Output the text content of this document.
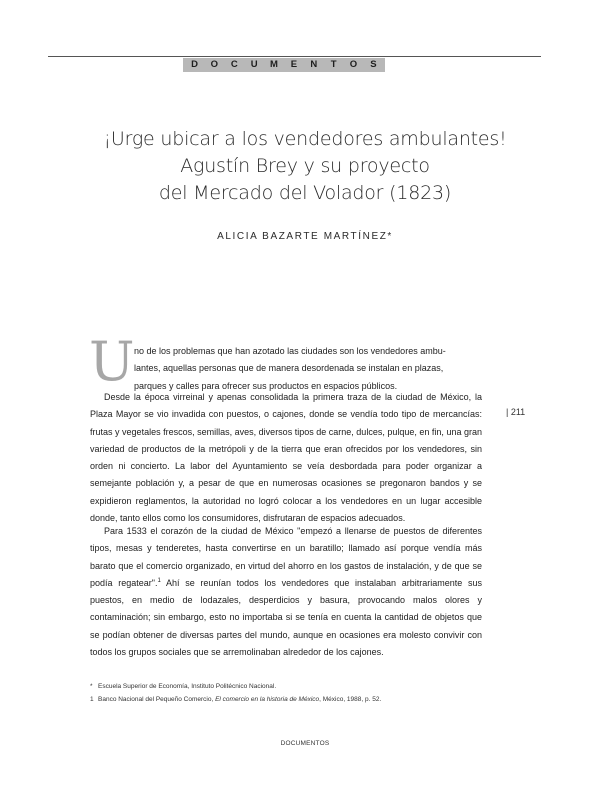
D	O	C	U	M	E	N	T	O	S
¡Urge ubicar a los vendedores ambulantes!
Agustín Brey y su proyecto
del Mercado del Volador (1823)
ALICIA BAZARTE MARTÍNEZ*
U no de los problemas que han azotado las ciudades son los vendedores ambu-
lantes, aquellas personas que de manera desordenada se instalan en plazas,
parques y calles para ofrecer sus productos en espacios públicos.
Desde la época virreinal y apenas consolidada la primera traza de la ciudad de México, la Plaza Mayor se vio invadida con puestos, o cajones, donde se vendía todo tipo de mercancías: frutas y vegetales frescos, semillas, aves, diversos tipos de carne, dulces, pulque, en fin, una gran variedad de productos de la metrópoli y de la tierra que eran ofrecidos por los vendedores, sin orden ni concierto. La labor del Ayuntamiento se veía desbordada para poder organizar a semejante población y, a pesar de que en numerosas ocasiones se pregonaron bandos y se expidieron reglamentos, la autoridad no logró colocar a los vendedores en un lugar accesible donde, tanto ellos como los consumidores, disfrutaran de espacios adecuados.
Para 1533 el corazón de la ciudad de México "empezó a llenarse de puestos de diferentes tipos, mesas y tenderetes, hasta convertirse en un baratillo; llamado así porque vendía más barato que el comercio organizado, en virtud del ahorro en los gastos de instalación, y de que se podía regatear".$^1$ Ahí se reunían todos los vendedores que instalaban arbitrariamente sus puestos, en medio de lodazales, desperdicios y basura, provocando malos olores y contaminación; sin embargo, esto no importaba si se tenía en cuenta la cantidad de objetos que se podían obtener de diversas partes del mundo, aunque en ocasiones era molesto convivir con todos los grupos sociales que se arremolinaban alrededor de los cajones.
| 211
* Escuela Superior de Economía, Instituto Politécnico Nacional.
1 Banco Nacional del Pequeño Comercio, El comercio en la historia de México, México, 1988, p. 52.
DOCUMENTOS
